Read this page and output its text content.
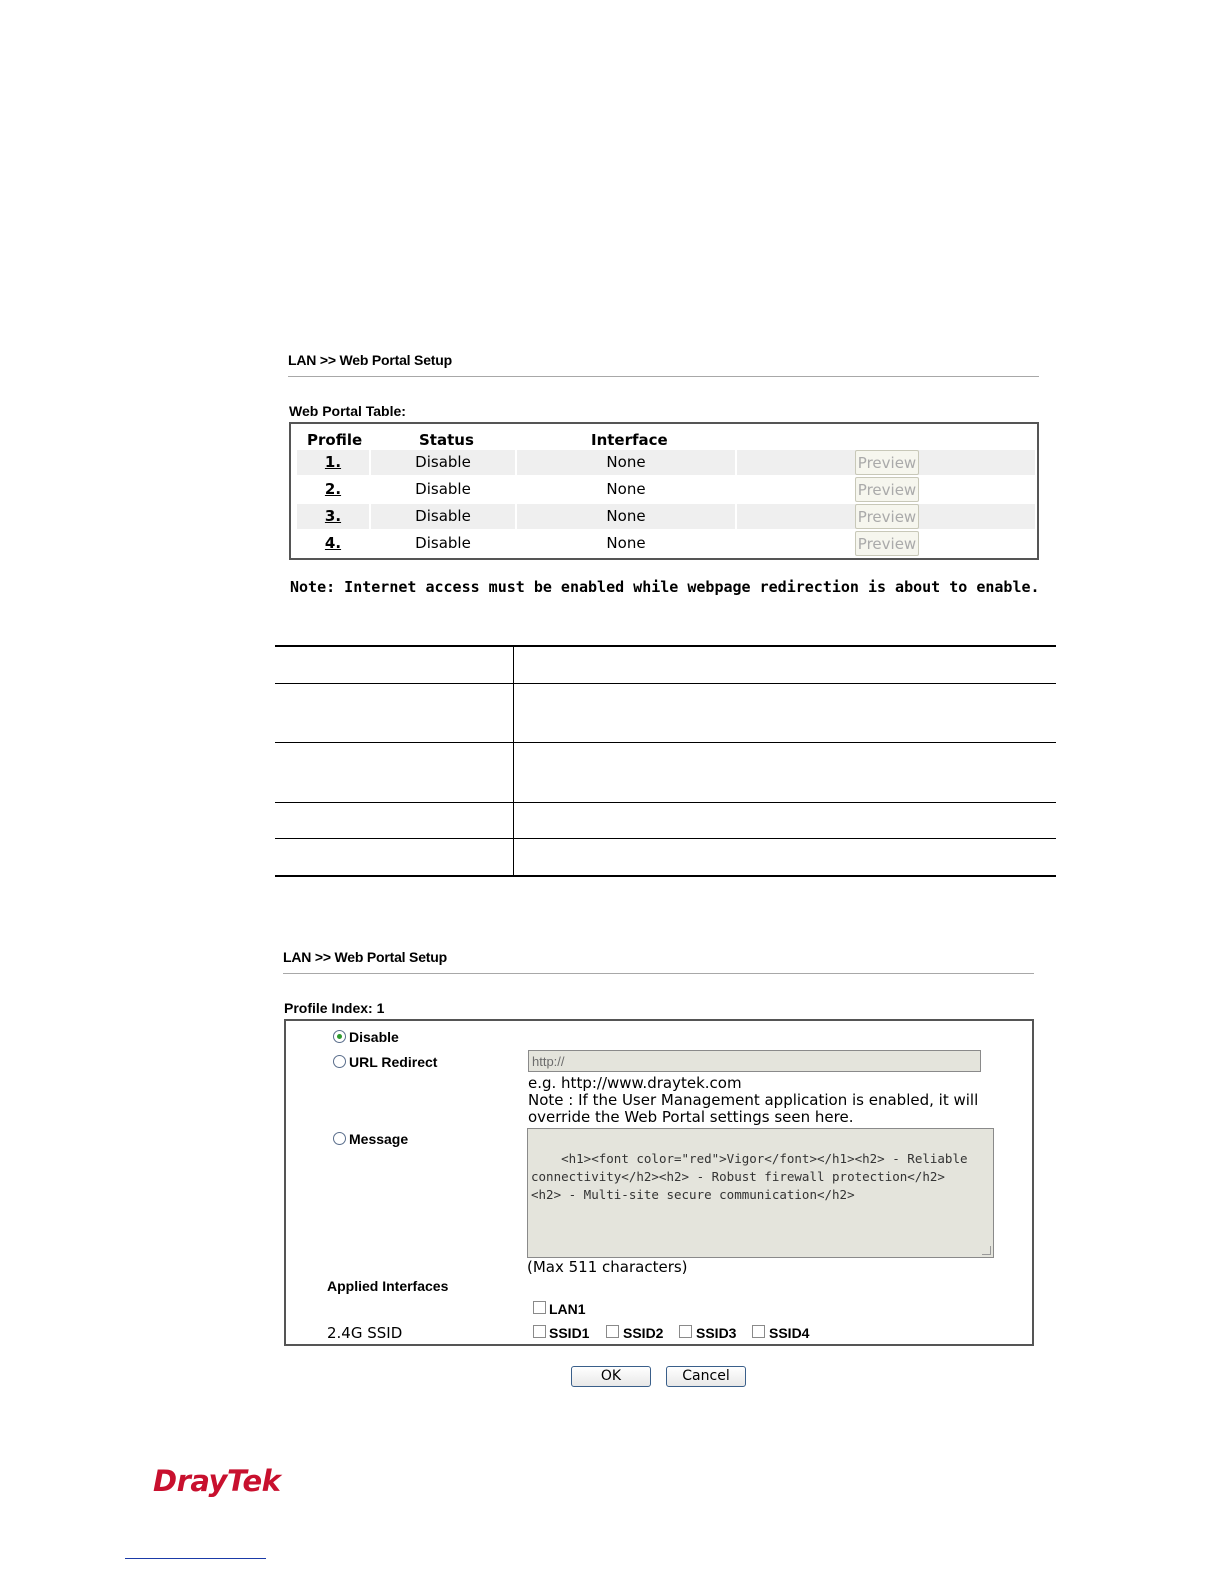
LAN >> Web Portal Setup
Web Portal Table:
Profile	Status	Interface
1.	Disable	None	Preview
2.	Disable	None	Preview
3.	Disable	None	Preview
4.	Disable	None	Preview
Note: Internet access must be enabled while webpage redirection is about to enable.
LAN >> Web Portal Setup
Profile Index: 1
Disable
URL Redirect
http://
e.g. http://www.draytek.com
Note : If the User Management application is enabled, it will
override the Web Portal settings seen here.
Message

<h1><font color="red">Vigor</font></h1><h2> - Reliable
connectivity</h2><h2> - Robust firewall protection</h2>
<h2> - Multi-site secure communication</h2>

(Max 511 characters)
Applied Interfaces
LAN1
2.4G SSID	SSID1 SSID2 SSID3 SSID4
OK	Cancel
DrayTek
